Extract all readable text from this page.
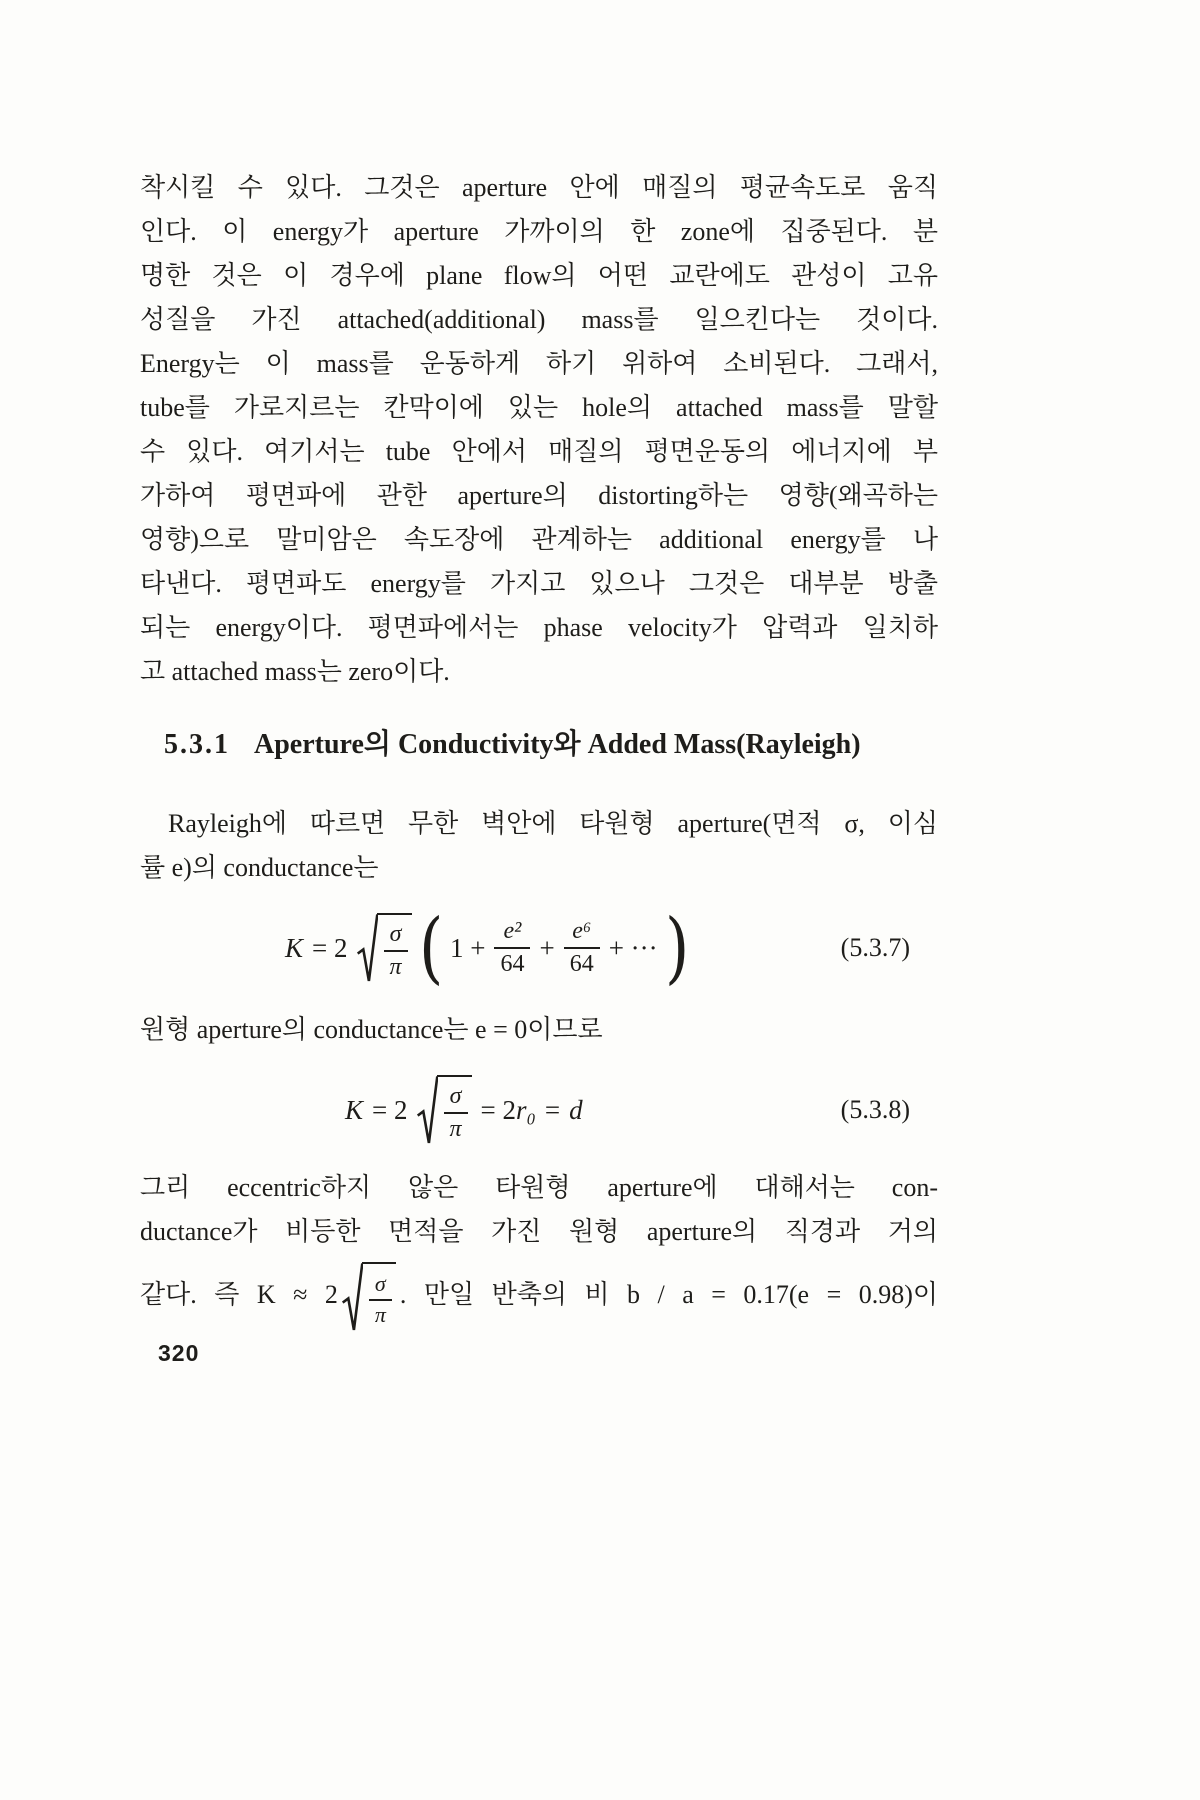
착시킬 수 있다. 그것은 aperture 안에 매질의 평균속도로 움직
인다. 이 energy가 aperture 가까이의 한 zone에 집중된다. 분
명한 것은 이 경우에 plane flow의 어떤 교란에도 관성이 고유
성질을 가진 attached(additional) mass를 일으킨다는 것이다.
Energy는 이 mass를 운동하게 하기 위하여 소비된다. 그래서,
tube를 가로지르는 칸막이에 있는 hole의 attached mass를 말할
수 있다. 여기서는 tube 안에서 매질의 평면운동의 에너지에 부
가하여 평면파에 관한 aperture의 distorting하는 영향(왜곡하는
영향)으로 말미암은 속도장에 관계하는 additional energy를 나
타낸다. 평면파도 energy를 가지고 있으나 그것은 대부분 방출
되는 energy이다. 평면파에서는 phase velocity가 압력과 일치하
고 attached mass는 zero이다.
5.3.1 Aperture의 Conductivity와 Added Mass(Rayleigh)
Rayleigh에 따르면 무한 벽안에 타원형 aperture(면적 σ, 이심
률 e)의 conductance는
$K = 2 \frac{\sigma}{\pi}$ ( $1 + \frac{\text{e²}}{64} + \frac{\text{e⁶}}{64}$ + ··· )	(5.3.7)
원형 aperture의 conductance는 e = 0이므로
$K = 2 \frac{\sigma}{\pi} = 2r_0 = d$	(5.3.8)
그리 eccentric하지 않은 타원형 aperture에 대해서는 con-
ductance가 비등한 면적을 가진 원형 aperture의 직경과 거의
같다. 즉 $K \approx 2 \frac{\sigma}{\pi}$ . 만일 반축의 비 b / a = 0.17(e = 0.98)이
320
